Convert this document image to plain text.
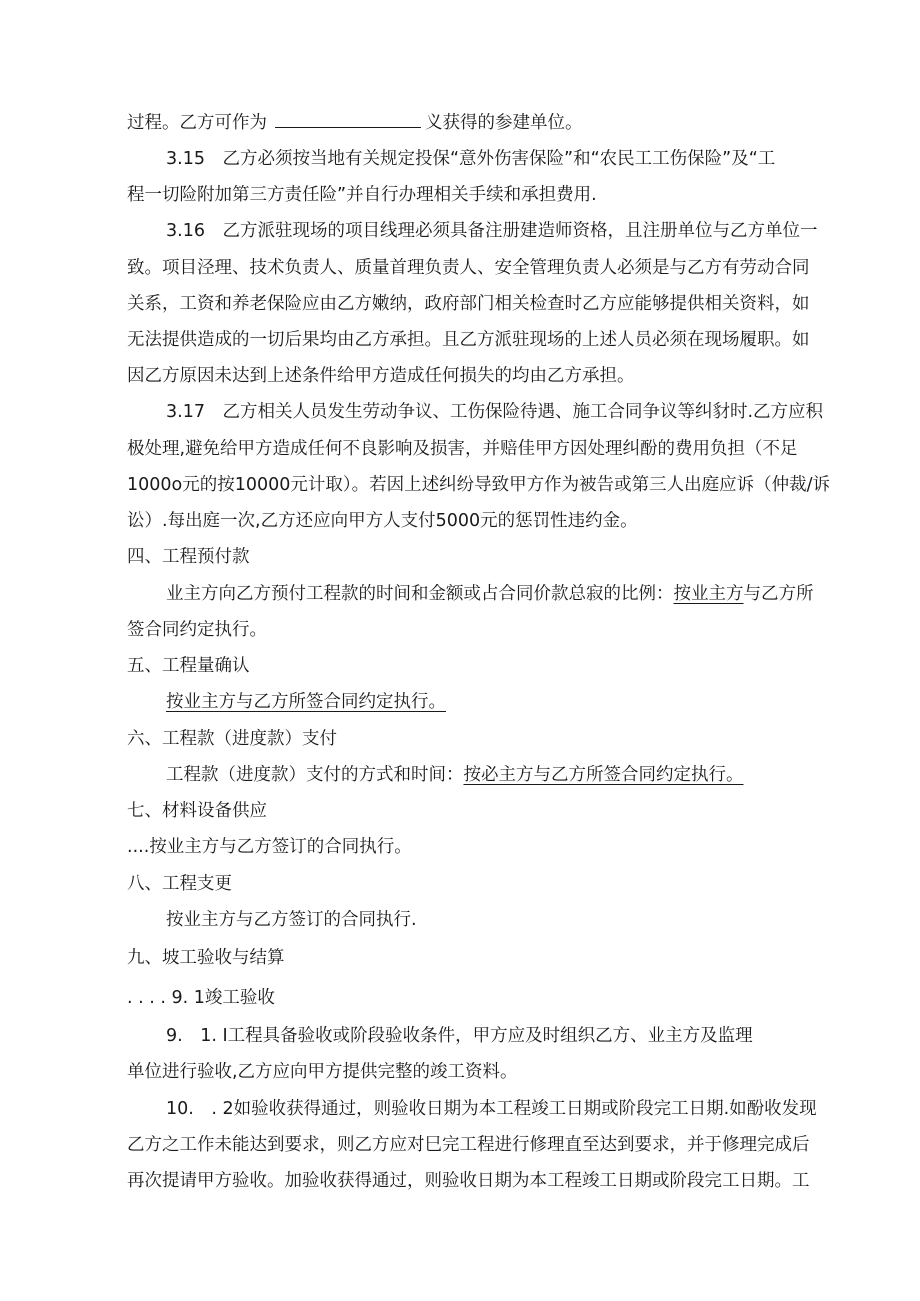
过程。乙方可作为	义获得的参建单位。
3.15　乙方必须按当地有关规定投保“意外伤害保险”和“农民工工伤保险”及“工
程一切险附加第三方责任险”并自行办理相关手续和承担费用.
3.16　乙方派驻现场的项目线理必须具备注册建造师资格，且注册单位与乙方单位一
致。项目泾理、技术负责人、质量首理负责人、安全管理负责人必须是与乙方有劳动合同
关系，工资和养老保险应由乙方嫩纳，政府部门相关检查时乙方应能够提供相关资料，如
无法提供造成的一切后果均由乙方承担。且乙方派驻现场的上述人员必须在现场履职。如
因乙方原因未达到上述条件给甲方造成任何损失的均由乙方承担。
3.17　乙方相关人员发生劳动争议、工伤保险待遇、施工合同争议等纠豺时.乙方应积
极处理,避免给甲方造成任何不良影响及损害，并赔佳甲方因处理纠酚的费用负担（不足
1000o元的按10000元计取）。若因上述纠纷导致甲方作为被告或第三人出庭应诉（仲裁/诉
讼）.每出庭一次,乙方还应向甲方人支付5000元的惩罚性违约金。
四、工程预付款
业主方向乙方预付工程款的时间和金额或占合同价款总寂的比例：按业主方与乙方所
签合同约定执行。
五、工程量确认
按业主方与乙方所签合同约定执行。
六、工程款（进度款）支付
工程款（进度款）支付的方式和时间：按必主方与乙方所签合同约定执行。
七、材料设备供应
....按业主方与乙方签订的合同执行。
八、工程支更
按业主方与乙方签订的合同执行.
九、坡工验收与结算
. . . . 9. 1竣工验收
9.　1. I工程具备验收或阶段验收条件，甲方应及时组织乙方、业主方及监理
单位进行验收,乙方应向甲方提供完整的竣工资料。
10.　. 2如验收获得通过，则验收日期为本工程竣工日期或阶段完工日期.如酚收发现
乙方之工作未能达到要求，则乙方应对巳完工程进行修理直至达到要求，并于修理完成后
再次提请甲方验收。加验收获得通过，则验收日期为本工程竣工日期或阶段完工日期。工
